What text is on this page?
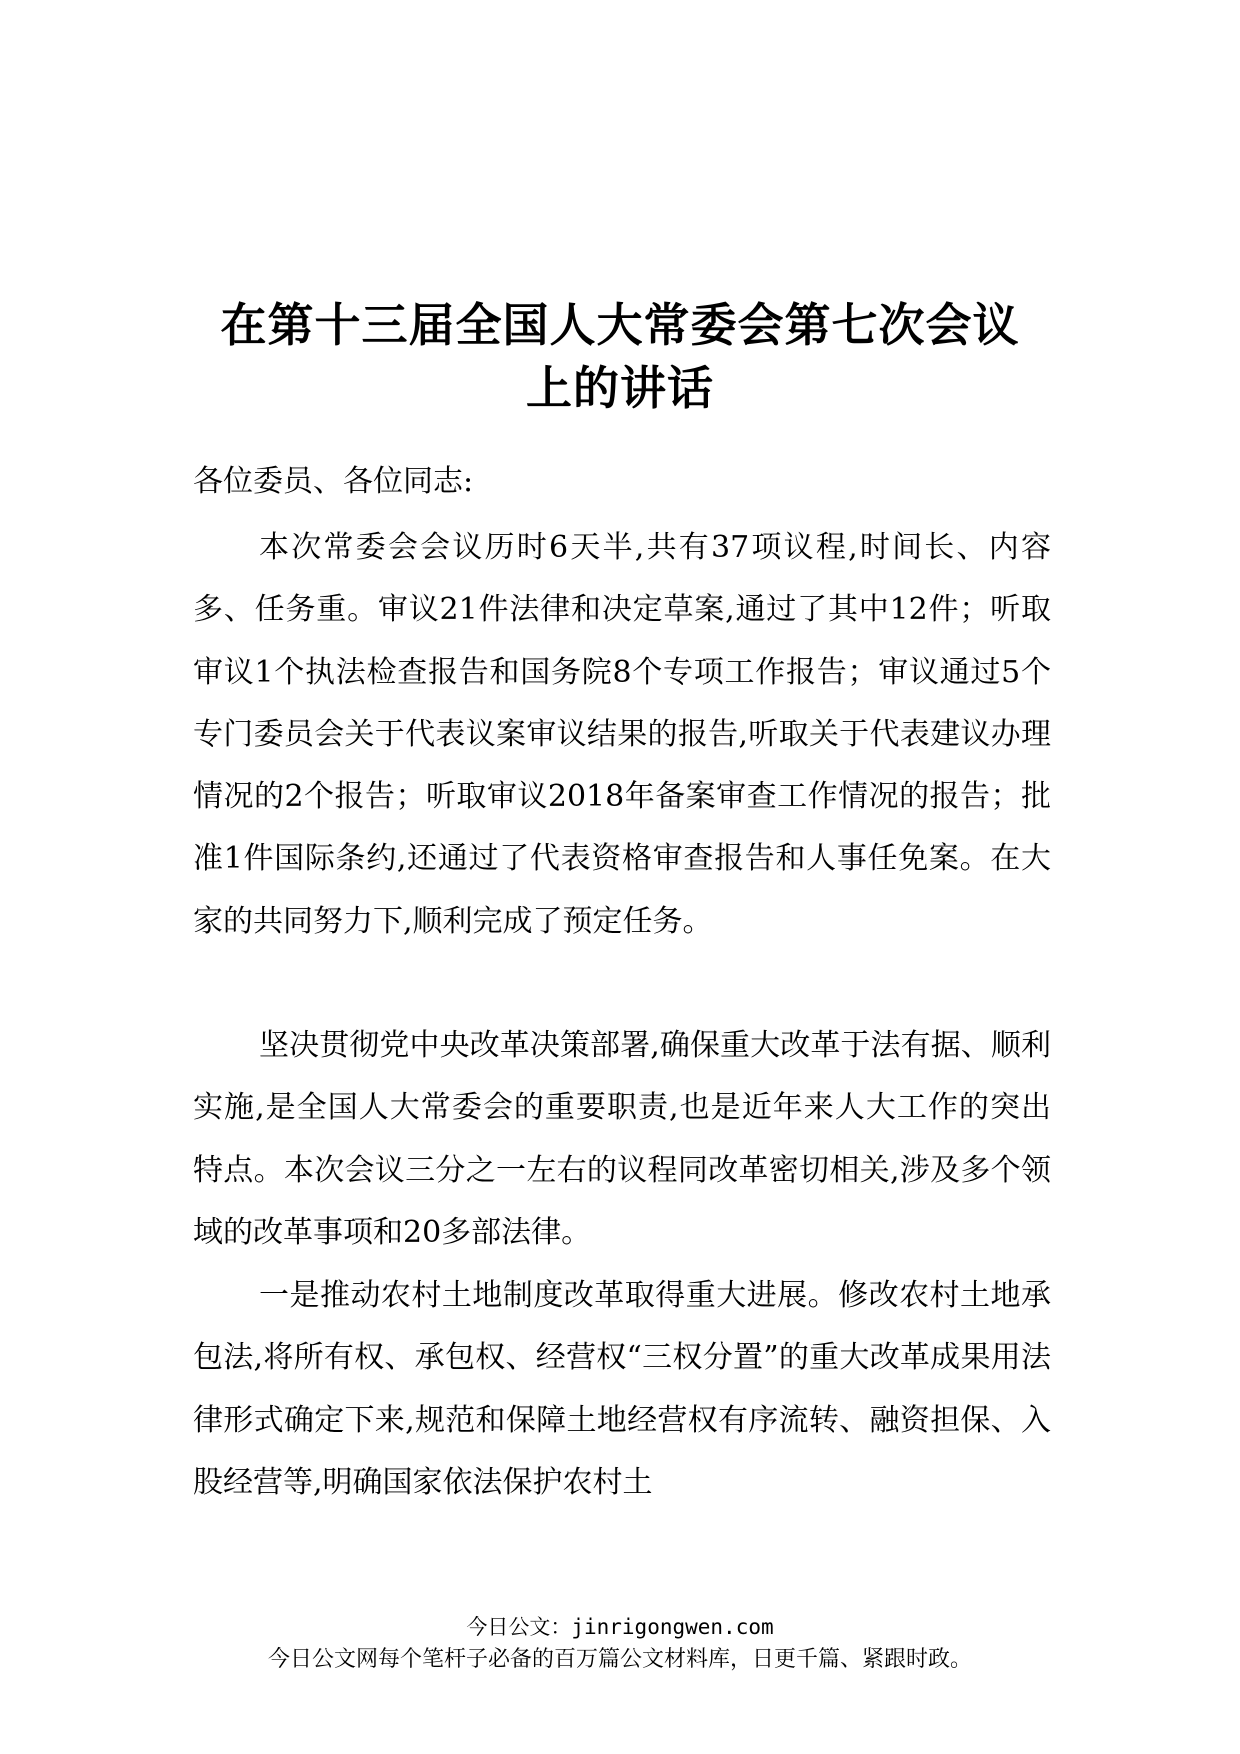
在第十三届全国人大常委会第七次会议
上的讲话

各位委员、各位同志:

本次常委会会议历时6天半,共有37项议程,时间长、内容多、任务重。审议21件法律和决定草案,通过了其中12件；听取审议1个执法检查报告和国务院8个专项工作报告；审议通过5个专门委员会关于代表议案审议结果的报告,听取关于代表建议办理情况的2个报告；听取审议2018年备案审查工作情况的报告；批准1件国际条约,还通过了代表资格审查报告和人事任免案。在大家的共同努力下,顺利完成了预定任务。

坚决贯彻党中央改革决策部署,确保重大改革于法有据、顺利实施,是全国人大常委会的重要职责,也是近年来人大工作的突出特点。本次会议三分之一左右的议程同改革密切相关,涉及多个领域的改革事项和20多部法律。

一是推动农村土地制度改革取得重大进展。修改农村土地承包法,将所有权、承包权、经营权“三权分置”的重大改革成果用法律形式确定下来,规范和保障土地经营权有序流转、融资担保、入股经营等,明确国家依法保护农村土

今日公文：jinrigongwen.com

今日公文网每个笔杆子必备的百万篇公文材料库，日更千篇、紧跟时政。
